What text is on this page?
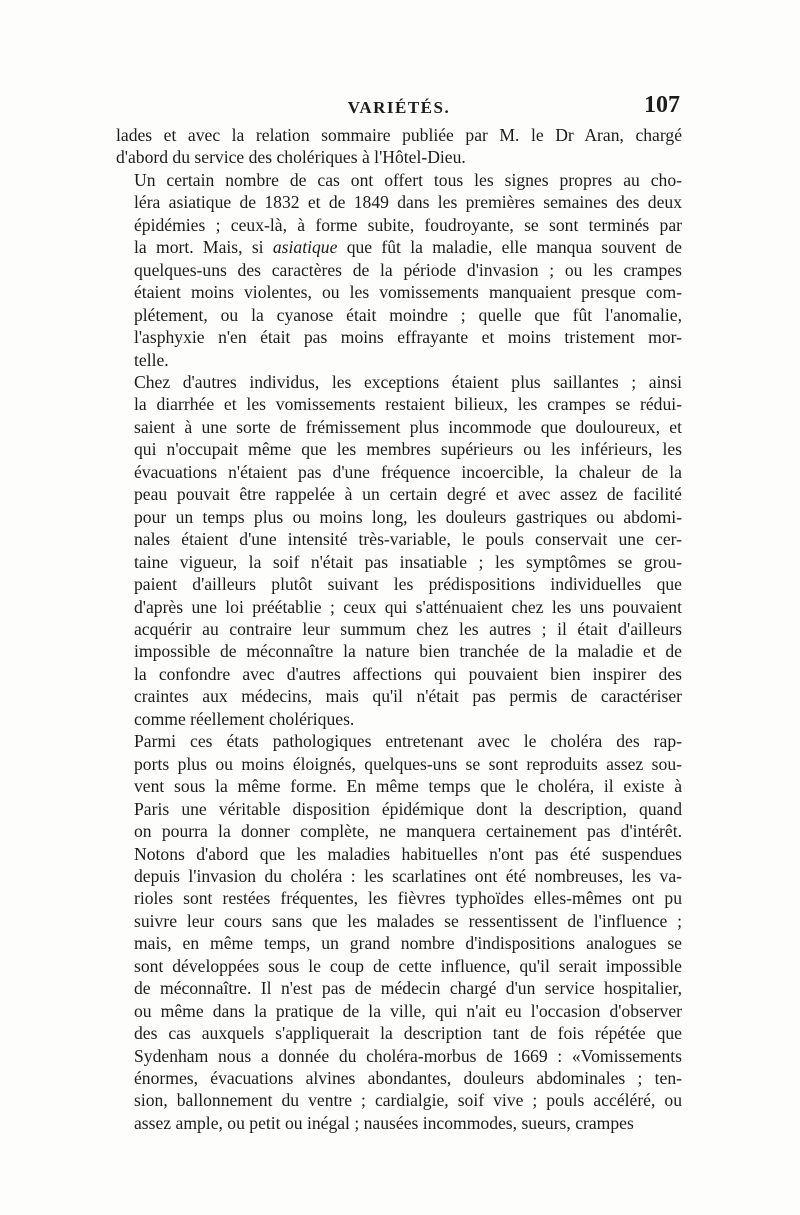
VARIÉTÉS.	107
lades et avec la relation sommaire publiée par M. le Dr Aran, chargé
d'abord du service des cholériques à l'Hôtel-Dieu.
Un certain nombre de cas ont offert tous les signes propres au cho-
léra asiatique de 1832 et de 1849 dans les premières semaines des deux
épidémies ; ceux-là, à forme subite, foudroyante, se sont terminés par
la mort. Mais, si asiatique que fût la maladie, elle manqua souvent de
quelques-uns des caractères de la période d'invasion ; ou les crampes
étaient moins violentes, ou les vomissements manquaient presque com-
plétement, ou la cyanose était moindre ; quelle que fût l'anomalie,
l'asphyxie n'en était pas moins effrayante et moins tristement mor-
telle.
Chez d'autres individus, les exceptions étaient plus saillantes ; ainsi
la diarrhée et les vomissements restaient bilieux, les crampes se rédui-
saient à une sorte de frémissement plus incommode que douloureux, et
qui n'occupait même que les membres supérieurs ou les inférieurs, les
évacuations n'étaient pas d'une fréquence incoercible, la chaleur de la
peau pouvait être rappelée à un certain degré et avec assez de facilité
pour un temps plus ou moins long, les douleurs gastriques ou abdomi-
nales étaient d'une intensité très-variable, le pouls conservait une cer-
taine vigueur, la soif n'était pas insatiable ; les symptômes se grou-
paient d'ailleurs plutôt suivant les prédispositions individuelles que
d'après une loi préétablie ; ceux qui s'atténuaient chez les uns pouvaient
acquérir au contraire leur summum chez les autres ; il était d'ailleurs
impossible de méconnaître la nature bien tranchée de la maladie et de
la confondre avec d'autres affections qui pouvaient bien inspirer des
craintes aux médecins, mais qu'il n'était pas permis de caractériser
comme réellement cholériques.
Parmi ces états pathologiques entretenant avec le choléra des rap-
ports plus ou moins éloignés, quelques-uns se sont reproduits assez sou-
vent sous la même forme. En même temps que le choléra, il existe à
Paris une véritable disposition épidémique dont la description, quand
on pourra la donner complète, ne manquera certainement pas d'intérêt.
Notons d'abord que les maladies habituelles n'ont pas été suspendues
depuis l'invasion du choléra : les scarlatines ont été nombreuses, les va-
rioles sont restées fréquentes, les fièvres typhoïdes elles-mêmes ont pu
suivre leur cours sans que les malades se ressentissent de l'influence ;
mais, en même temps, un grand nombre d'indispositions analogues se
sont développées sous le coup de cette influence, qu'il serait impossible
de méconnaître. Il n'est pas de médecin chargé d'un service hospitalier,
ou même dans la pratique de la ville, qui n'ait eu l'occasion d'observer
des cas auxquels s'appliquerait la description tant de fois répétée que
Sydenham nous a donnée du choléra-morbus de 1669 : «Vomissements
énormes, évacuations alvines abondantes, douleurs abdominales ; ten-
sion, ballonnement du ventre ; cardialgie, soif vive ; pouls accéléré, ou
assez ample, ou petit ou inégal ; nausées incommodes, sueurs, crampes
